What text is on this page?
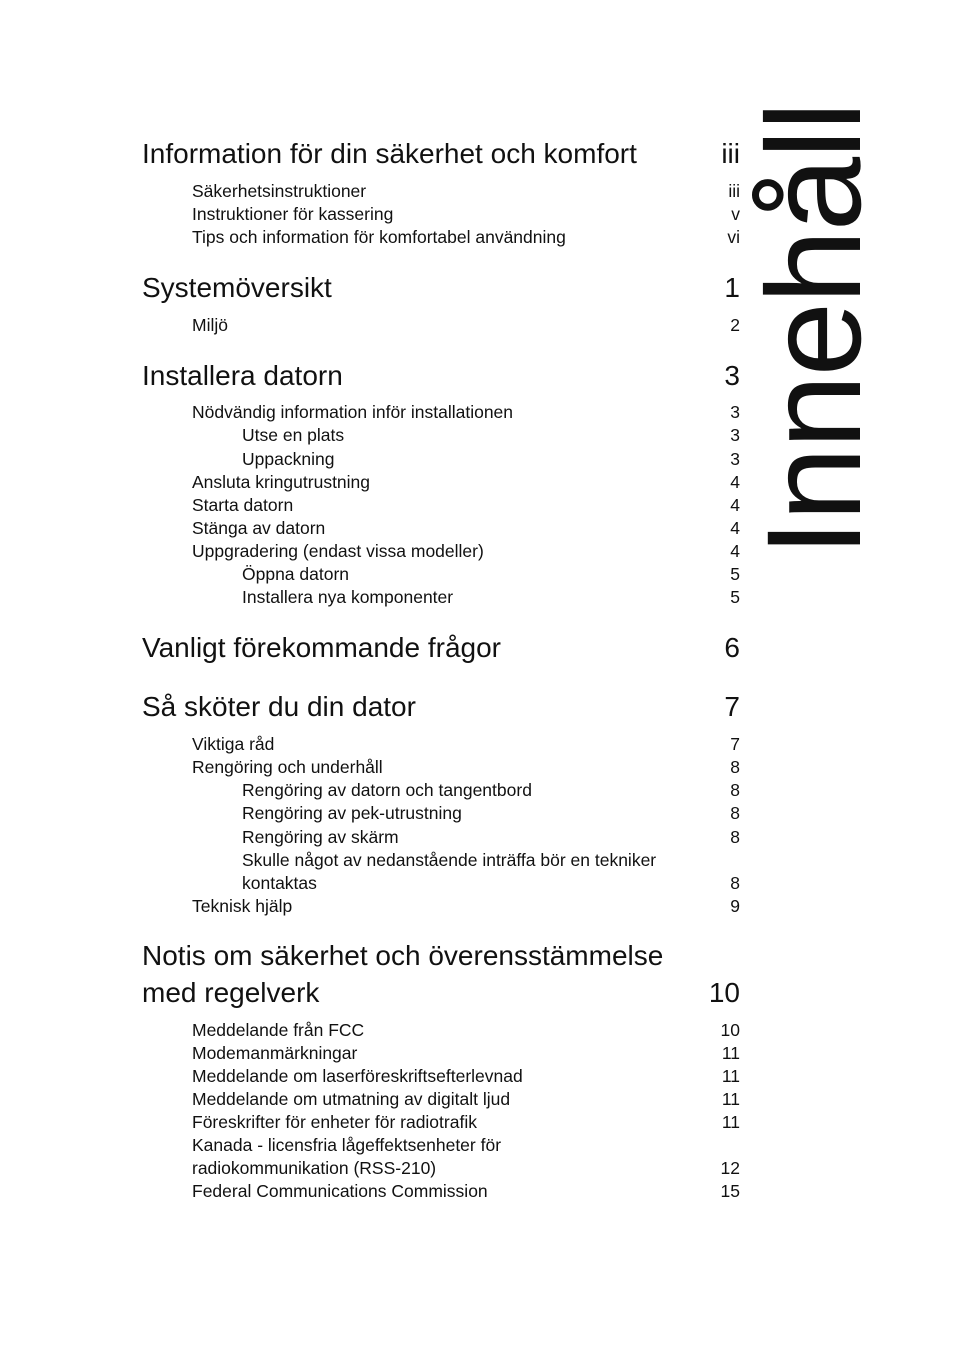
Innehåll
Information för din säkerhet och komfort	iii
Säkerhetsinstruktioner	iii
Instruktioner för kassering	v
Tips och information för komfortabel användning	vi
Systemöversikt	1
Miljö	2
Installera datorn	3
Nödvändig information inför installationen	3
Utse en plats	3
Uppackning	3
Ansluta kringutrustning	4
Starta datorn	4
Stänga av datorn	4
Uppgradering (endast vissa modeller)	4
Öppna datorn	5
Installera nya komponenter	5
Vanligt förekommande frågor	6
Så sköter du din dator	7
Viktiga råd	7
Rengöring och underhåll	8
Rengöring av datorn och tangentbord	8
Rengöring av pek-utrustning	8
Rengöring av skärm	8
Skulle något av nedanstående inträffa bör en tekniker kontaktas	8
Teknisk hjälp	9
Notis om säkerhet och överensstämmelse med regelverk	10
Meddelande från FCC	10
Modemanmärkningar	11
Meddelande om laserföreskriftsefterlevnad	11
Meddelande om utmatning av digitalt ljud	11
Föreskrifter för enheter för radiotrafik	11
Kanada - licensfria lågeffektsenheter för radiokommunikation (RSS-210)	12
Federal Communications Commission	15
